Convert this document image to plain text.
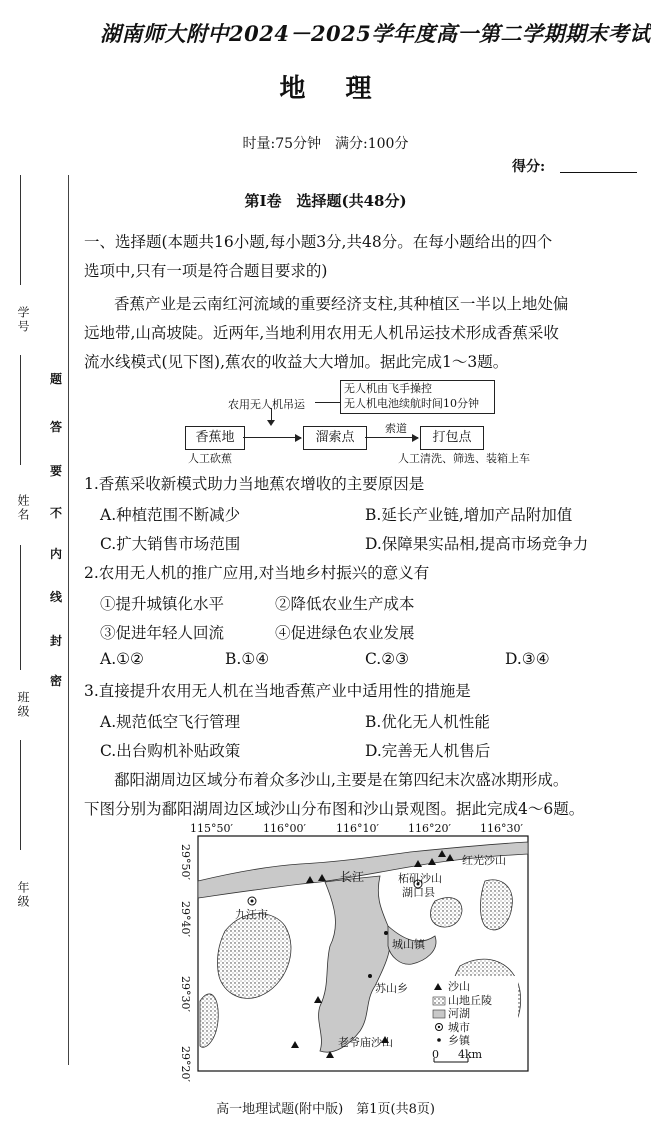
湖南师大附中2024－2025学年度高一第二学期期末考试
地理
时量:75分钟　满分:100分
得分:
学号
姓名
班级
年级
题
答
要
不
内
线
封
密
第Ⅰ卷　选择题(共48分)
一、选择题(本题共16小题,每小题3分,共48分。在每小题给出的四个
选项中,只有一项是符合题目要求的)
香蕉产业是云南红河流域的重要经济支柱,其种植区一半以上地处偏
远地带,山高坡陡。近两年,当地利用农用无人机吊运技术形成香蕉采收
流水线模式(见下图),蕉农的收益大大增加。据此完成1～3题。
农用无人机吊运
无人机由飞手操控
无人机电池续航时间10分钟
香蕉地	溜索点
索道
打包点
人工砍蕉	人工清洗、筛选、装箱上车
1.香蕉采收新模式助力当地蕉农增收的主要原因是
A.种植范围不断减少	B.延长产业链,增加产品附加值
C.扩大销售市场范围	D.保障果实品相,提高市场竞争力
2.农用无人机的推广应用,对当地乡村振兴的意义有
①提升城镇化水平	②降低农业生产成本
③促进年轻人回流	④促进绿色农业发展
A.①②	B.①④	C.②③	D.③④
3.直接提升农用无人机在当地香蕉产业中适用性的措施是
A.规范低空飞行管理	B.优化无人机性能
C.出台购机补贴政策	D.完善无人机售后
鄱阳湖周边区域分布着众多沙山,主要是在第四纪末次盛冰期形成。
下图分别为鄱阳湖周边区域沙山分布图和沙山景观图。据此完成4～6题。
115°50′	116°00′	116°10′	116°20′	116°30′
29°50′
29°40′
29°30′
29°20′
长江
九江市
柘矶沙山
湖口县
红光沙山
城山镇
苏山乡
老爷庙沙山
沙山
山地丘陵
河湖
城市
乡镇
0 4km
高一地理试题(附中版)　第1页(共8页)
